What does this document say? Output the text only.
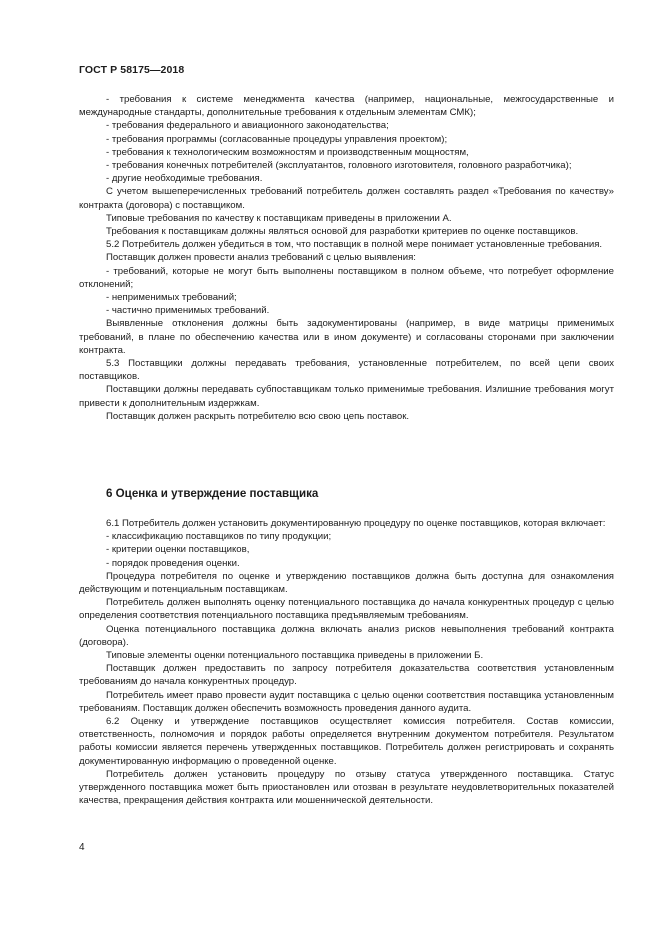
ГОСТ Р 58175—2018

- требования к системе менеджмента качества (например, национальные, межгосударственные и международные стандарты, дополнительные требования к отдельным элементам СМК);

- требования федерального и авиационного законодательства;

- требования программы (согласованные процедуры управления проектом);

- требования к технологическим возможностям и производственным мощностям,

- требования конечных потребителей (эксплуатантов, головного изготовителя, головного разработчика);

- другие необходимые требования.

С учетом вышеперечисленных требований потребитель должен составлять раздел «Требования по качеству» контракта (договора) с поставщиком.

Типовые требования по качеству к поставщикам приведены в приложении А.

Требования к поставщикам должны являться основой для разработки критериев по оценке поставщиков.

5.2 Потребитель должен убедиться в том, что поставщик в полной мере понимает установленные требования.

Поставщик должен провести анализ требований с целью выявления:

- требований, которые не могут быть выполнены поставщиком в полном объеме, что потребует оформление отклонений;

- неприменимых требований;

- частично применимых требований.

Выявленные отклонения должны быть задокументированы (например, в виде матрицы применимых требований, в плане по обеспечению качества или в ином документе) и согласованы сторонами при заключении контракта.

5.3 Поставщики должны передавать требования, установленные потребителем, по всей цепи своих поставщиков.

Поставщики должны передавать субпоставщикам только применимые требования. Излишние требования могут привести к дополнительным издержкам.

Поставщик должен раскрыть потребителю всю свою цепь поставок.

6 Оценка и утверждение поставщика

6.1 Потребитель должен установить документированную процедуру по оценке поставщиков, которая включает:

- классификацию поставщиков по типу продукции;

- критерии оценки поставщиков,

- порядок проведения оценки.

Процедура потребителя по оценке и утверждению поставщиков должна быть доступна для ознакомления действующим и потенциальным поставщикам.

Потребитель должен выполнять оценку потенциального поставщика до начала конкурентных процедур с целью определения соответствия потенциального поставщика предъявляемым требованиям.

Оценка потенциального поставщика должна включать анализ рисков невыполнения требований контракта (договора).

Типовые элементы оценки потенциального поставщика приведены в приложении Б.

Поставщик должен предоставить по запросу потребителя доказательства соответствия установленным требованиям до начала конкурентных процедур.

Потребитель имеет право провести аудит поставщика с целью оценки соответствия поставщика установленным требованиям. Поставщик должен обеспечить возможность проведения данного аудита.

6.2 Оценку и утверждение поставщиков осуществляет комиссия потребителя. Состав комиссии, ответственность, полномочия и порядок работы определяется внутренним документом потребителя. Результатом работы комиссии является перечень утвержденных поставщиков. Потребитель должен регистрировать и сохранять документированную информацию о проведенной оценке.

Потребитель должен установить процедуру по отзыву статуса утвержденного поставщика. Статус утвержденного поставщика может быть приостановлен или отозван в результате неудовлетворительных показателей качества, прекращения действия контракта или мошеннической деятельности.

4
